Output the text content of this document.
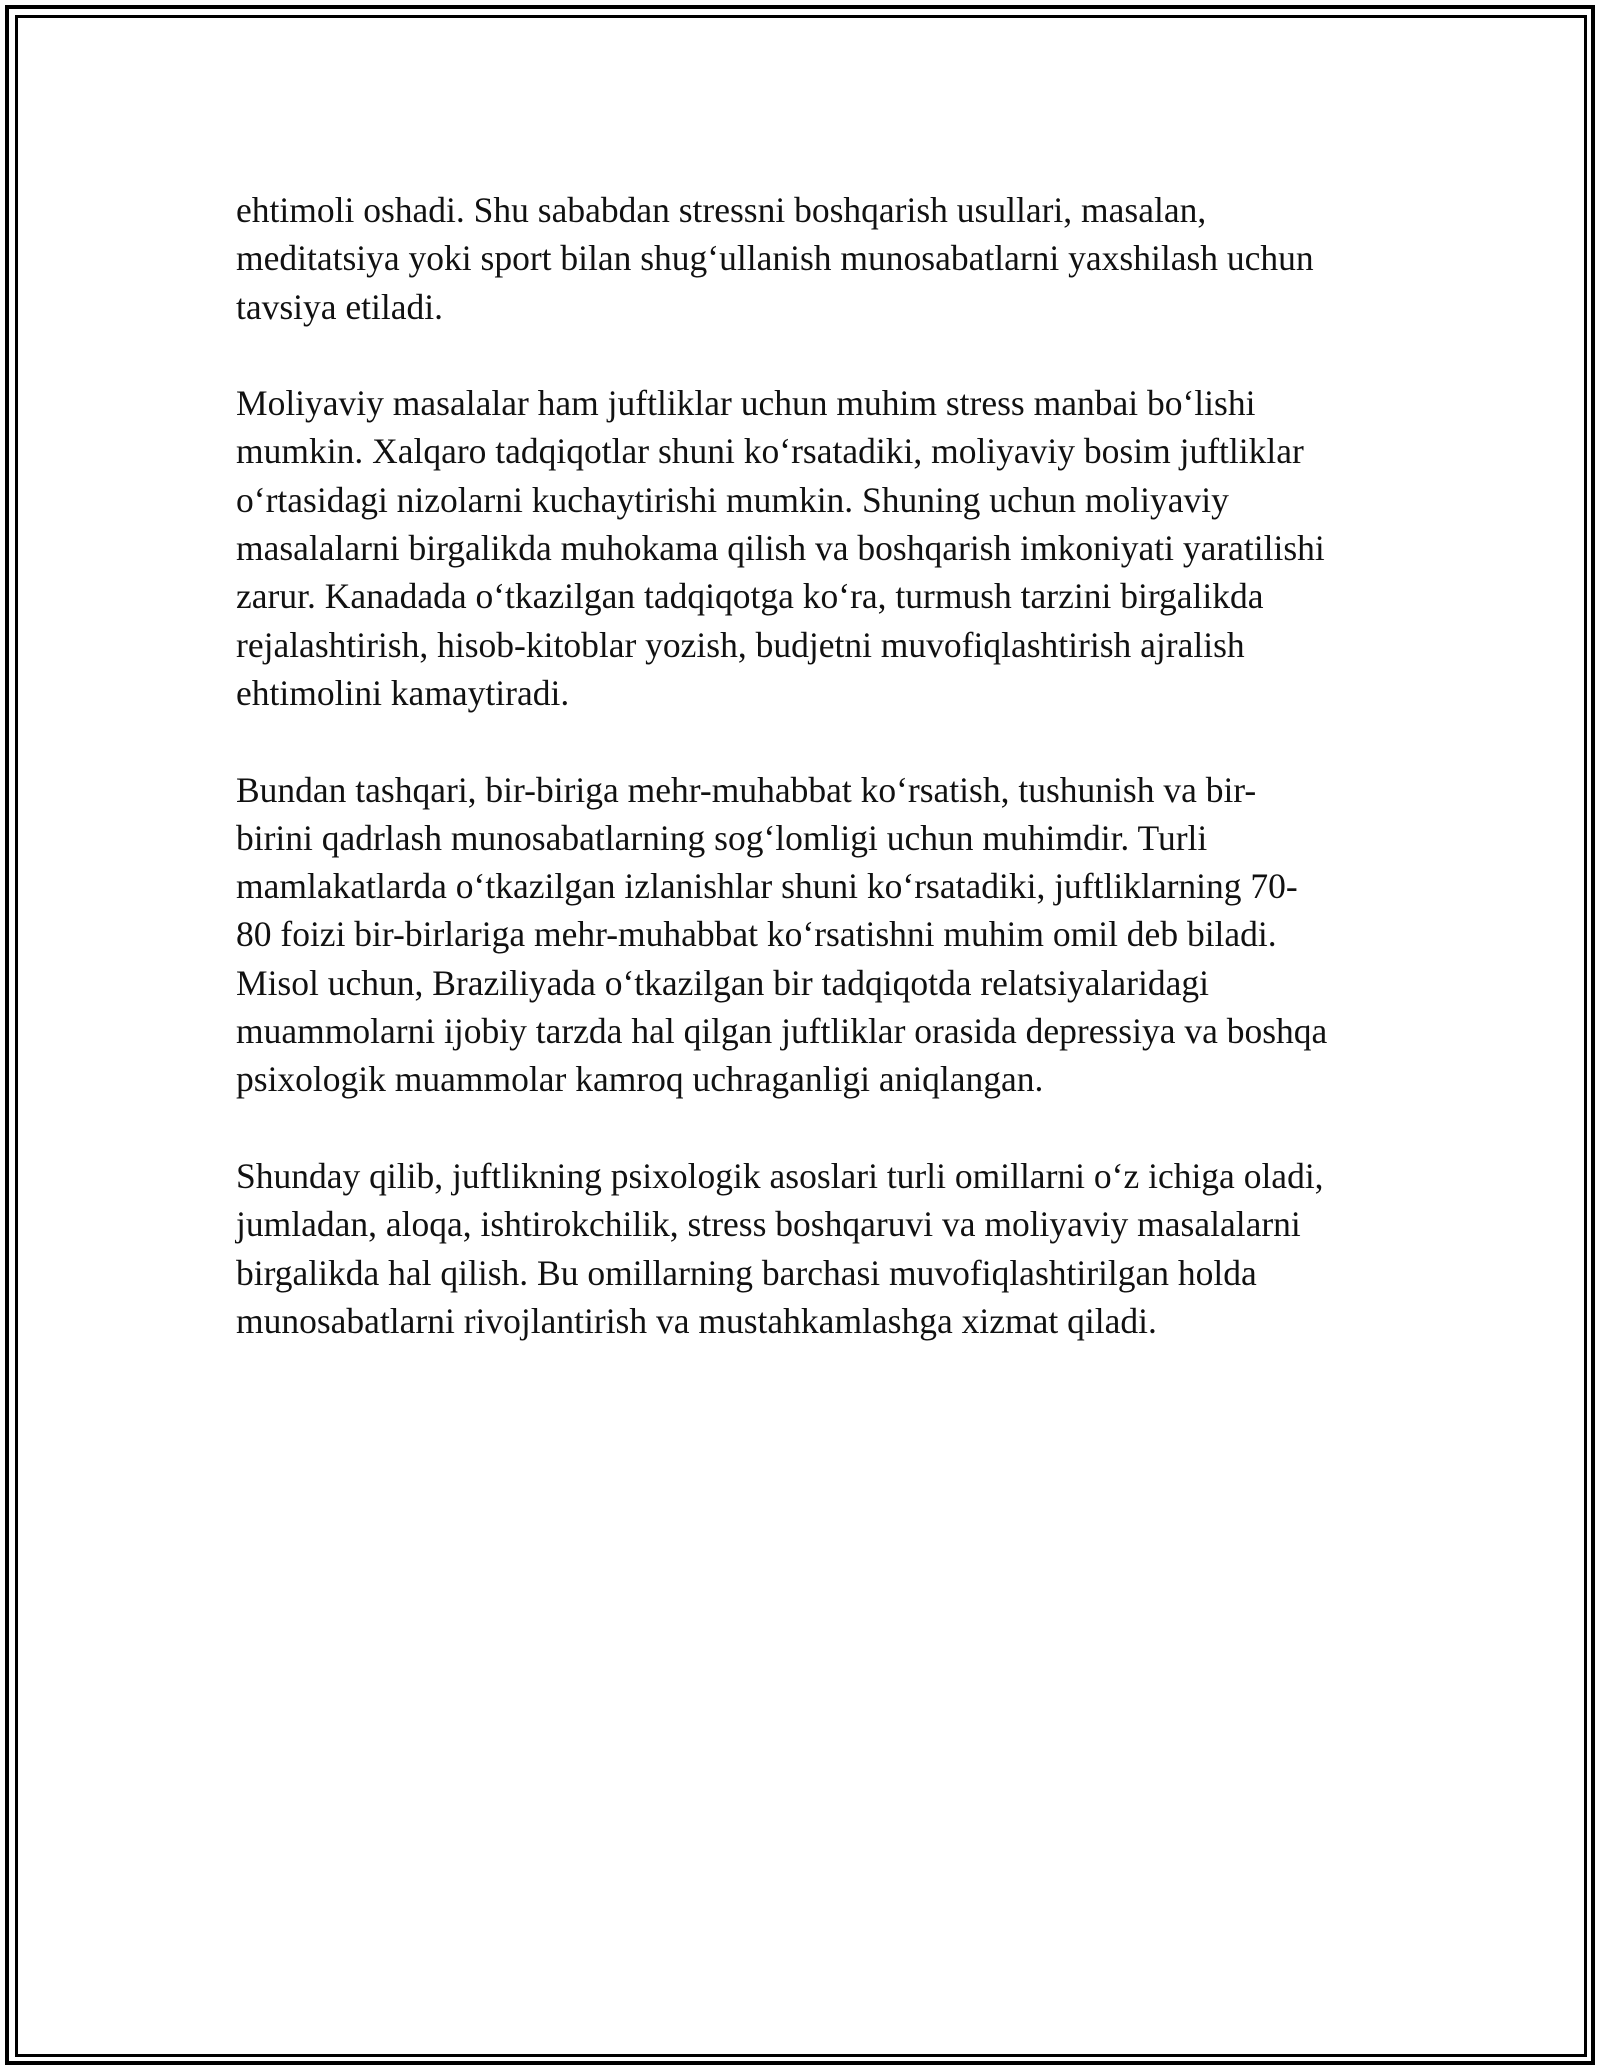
ehtimoli oshadi. Shu sababdan stressni boshqarish usullari, masalan,
meditatsiya yoki sport bilan shug‘ullanish munosabatlarni yaxshilash uchun
tavsiya etiladi.
Moliyaviy masalalar ham juftliklar uchun muhim stress manbai bo‘lishi
mumkin. Xalqaro tadqiqotlar shuni ko‘rsatadiki, moliyaviy bosim juftliklar
o‘rtasidagi nizolarni kuchaytirishi mumkin. Shuning uchun moliyaviy
masalalarni birgalikda muhokama qilish va boshqarish imkoniyati yaratilishi
zarur. Kanadada o‘tkazilgan tadqiqotga ko‘ra, turmush tarzini birgalikda
rejalashtirish, hisob-kitoblar yozish, budjetni muvofiqlashtirish ajralish
ehtimolini kamaytiradi.
Bundan tashqari, bir-biriga mehr-muhabbat ko‘rsatish, tushunish va bir-
birini qadrlash munosabatlarning sog‘lomligi uchun muhimdir. Turli
mamlakatlarda o‘tkazilgan izlanishlar shuni ko‘rsatadiki, juftliklarning 70-
80 foizi bir-birlariga mehr-muhabbat ko‘rsatishni muhim omil deb biladi.
Misol uchun, Braziliyada o‘tkazilgan bir tadqiqotda relatsiyalaridagi
muammolarni ijobiy tarzda hal qilgan juftliklar orasida depressiya va boshqa
psixologik muammolar kamroq uchraganligi aniqlangan.
Shunday qilib, juftlikning psixologik asoslari turli omillarni o‘z ichiga oladi,
jumladan, aloqa, ishtirokchilik, stress boshqaruvi va moliyaviy masalalarni
birgalikda hal qilish. Bu omillarning barchasi muvofiqlashtirilgan holda
munosabatlarni rivojlantirish va mustahkamlashga xizmat qiladi.
